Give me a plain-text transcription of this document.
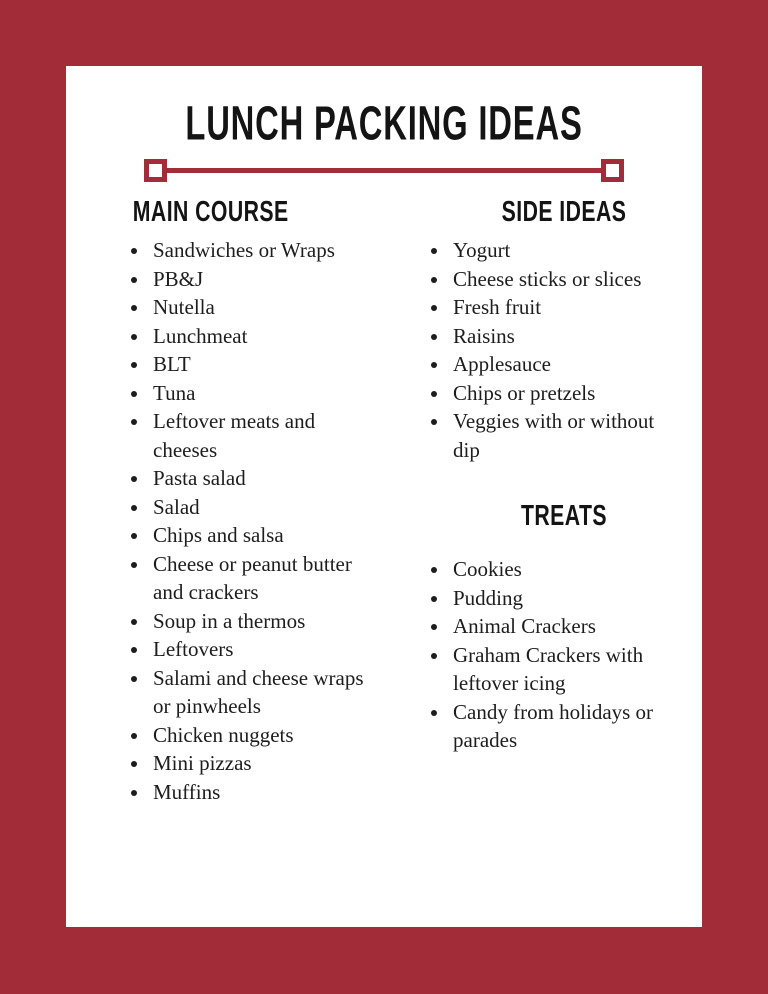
LUNCH PACKING IDEAS
MAIN COURSE
• Sandwiches or Wraps
• PB&J
• Nutella
• Lunchmeat
• BLT
• Tuna
• Leftover meats and cheeses
• Pasta salad
• Salad
• Chips and salsa
• Cheese or peanut butter and crackers
• Soup in a thermos
• Leftovers
• Salami and cheese wraps or pinwheels
• Chicken nuggets
• Mini pizzas
• Muffins
SIDE IDEAS
• Yogurt
• Cheese sticks or slices
• Fresh fruit
• Raisins
• Applesauce
• Chips or pretzels
• Veggies with or without dip
TREATS
• Cookies
• Pudding
• Animal Crackers
• Graham Crackers with leftover icing
• Candy from holidays or parades
